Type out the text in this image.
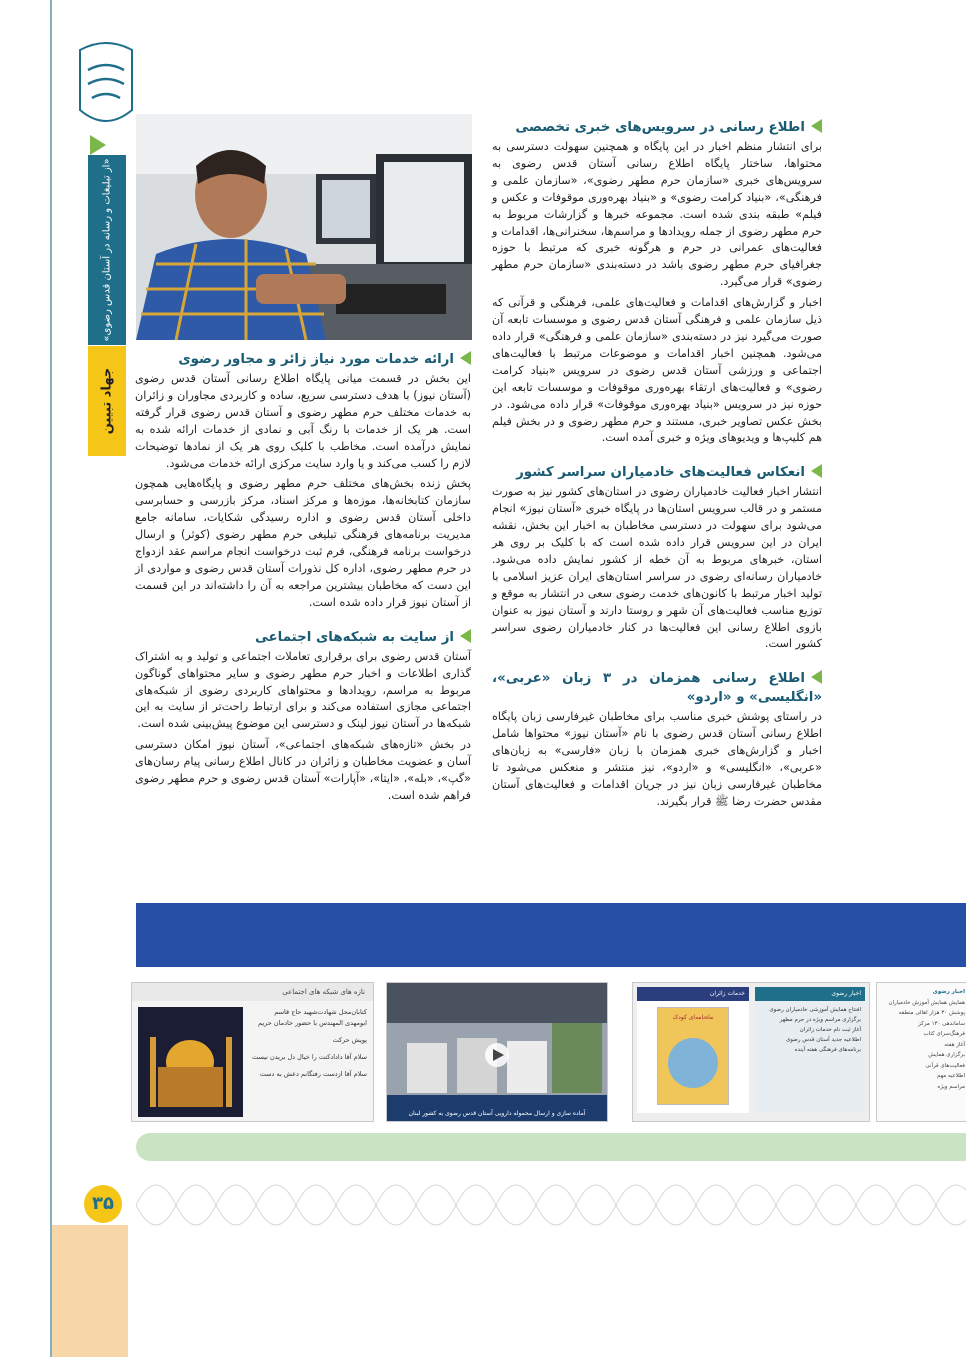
«از تبلیغات و رسانه در آستان قدس رضوی»
جهاد تبیین
۳۵
اطلاع رسانی در سرویس‌های خبری تخصصی

برای انتشار منظم اخبار در این پایگاه و همچنین سهولت دسترسی به محتواها، ساختار پایگاه اطلاع رسانی آستان قدس رضوی به سرویس‌های خبری «سازمان حرم مطهر رضوی»، «سازمان علمی و فرهنگی»، «بنیاد کرامت رضوی» و «بنیاد بهره‌وری موقوفات و عکس و فیلم» طبقه بندی شده است. مجموعه خبرها و گزارشات مربوط به حرم مطهر رضوی از جمله رویدادها و مراسم‌ها، سخنرانی‌ها، اقدامات و فعالیت‌های عمرانی در حرم و هرگونه خبری که مرتبط با حوزه جغرافیای حرم مطهر رضوی باشد در دسته‌بندی «سازمان حرم مطهر رضوی» قرار می‌گیرد.

اخبار و گزارش‌های اقدامات و فعالیت‌های علمی، فرهنگی و قرآنی که ذیل سازمان علمی و فرهنگی آستان قدس رضوی و موسسات تابعه آن صورت می‌گیرد نیز در دسته‌بندی «سازمان علمی و فرهنگی» قرار داده می‌شود. همچنین اخبار اقدامات و موضوعات مرتبط با فعالیت‌های اجتماعی و ورزشی آستان قدس رضوی در سرویس «بنیاد کرامت رضوی» و فعالیت‌های ارتقاء بهره‌وری موقوفات و موسسات تابعه این حوزه نیز در سرویس «بنیاد بهره‌وری موقوفات» قرار داده می‌شود. در بخش عکس تصاویر خبری، مستند و حرم مطهر رضوی و در بخش فیلم هم کلیپ‌ها و ویدیوهای ویژه و خبری آمده است.

انعکاس فعالیت‌های خادمیاران سراسر کشور

انتشار اخبار فعالیت خادمیاران رضوی در استان‌های کشور نیز به صورت مستمر و در قالب سرویس استان‌ها در پایگاه خبری «آستان نیوز» انجام می‌شود برای سهولت در دسترسی مخاطبان به اخبار این بخش، نقشه ایران در این سرویس قرار داده شده است که با کلیک بر روی هر استان، خبرهای مربوط به آن خطه از کشور نمایش داده می‌شود. خادمیاران رسانه‌ای رضوی در سراسر استان‌های ایران عزیز اسلامی با تولید اخبار مرتبط با کانون‌های خدمت رضوی سعی در انتشار به موقع و توزیع مناسب فعالیت‌های آن شهر و روستا دارند و آستان نیوز به عنوان بازوی اطلاع رسانی این فعالیت‌ها در کنار خادمیاران رضوی سراسر کشور است.

اطلاع رسانی همزمان در ۳ زبان «عربی»، «انگلیسی» و «اردو»

در راستای پوشش خبری مناسب برای مخاطبان غیرفارسی زبان پایگاه اطلاع رسانی آستان قدس رضوی با نام «آستان نیوز» محتواها شامل اخبار و گزارش‌های خبری همزمان با زبان «فارسی» به زبان‌های «عربی»، «انگلیسی» و «اردو»، نیز منتشر و منعکس می‌شود تا مخاطبان غیرفارسی زبان نیز در جریان اقدامات و فعالیت‌های آستان مقدس حضرت رضا ﷺ قرار بگیرند.

ارائه خدمات مورد نیاز زائر و مجاور رضوی

این بخش در قسمت میانی پایگاه اطلاع رسانی آستان قدس رضوی (آستان نیوز) با هدف دسترسی سریع، ساده و کاربردی مجاوران و زائران به خدمات مختلف حرم مطهر رضوی و آستان قدس رضوی قرار گرفته است. هر یک از خدمات با رنگ آبی و نمادی از خدمات ارائه شده به نمایش درآمده است. مخاطب با کلیک روی هر یک از نمادها توضیحات لازم را کسب می‌کند و یا وارد سایت مرکزی ارائه خدمات می‌شود.

پخش زنده بخش‌های مختلف حرم مطهر رضوی و پایگاه‌هایی همچون سازمان کتابخانه‌ها، موزه‌ها و مرکز اسناد، مرکز بازرسی و حسابرسی داخلی آستان قدس رضوی و اداره رسیدگی شکایات، سامانه جامع مدیریت برنامه‌های فرهنگی تبلیغی حرم مطهر رضوی (کوثر) و ارسال درخواست برنامه فرهنگی، فرم ثبت درخواست انجام مراسم عقد ازدواج در حرم مطهر رضوی، اداره کل نذورات آستان قدس رضوی و مواردی از این دست که مخاطبان بیشترین مراجعه به آن را داشته‌اند در این قسمت از آستان نیوز قرار داده شده است.

از سایت به شبکه‌های اجتماعی

آستان قدس رضوی برای برقراری تعاملات اجتماعی و تولید و به اشتراک گذاری اطلاعات و اخبار حرم مطهر رضوی و سایر محتواهای گوناگون مربوط به مراسم، رویدادها و محتواهای کاربردی رضوی از شبکه‌های اجتماعی مجازی استفاده می‌کند و برای ارتباط راحت‌تر از سایت به این شبکه‌ها در آستان نیوز لینک و دسترسی این موضوع پیش‌بینی شده است.

در بخش «تازه‌های شبکه‌های اجتماعی»، آستان نیوز امکان دسترسی آسان و عضویت مخاطبان و زائران در کانال اطلاع رسانی پیام رسان‌های «گپ»، «بله»، «ایتا»، «آپارات» آستان قدس رضوی و حرم مطهر رضوی فراهم شده است.

تازه های شبکه های اجتماعی
کتابان‌محل شهادت‌شهید حاج قاسم
ابومهدی المهندس با حضور خادمان حریم
پویش حرکت
سلام آقا دادادکتت را خیال دل بریدن نیست
سلام آقا ازدست رفتگانم دعش به دست
آماده سازی و ارسال محموله دارویی آستان قدس رضوی به کشور لبنان
اخبار رضوی
افتتاح همایش آموزشی خادمیاران رضوی
برگزاری مراسم ویژه در حرم مطهر
آغاز ثبت نام خدمات زائران
اطلاعیه جدید آستان قدس رضوی
برنامه‌های فرهنگی هفته آینده
خدمات زائران
ماه‌نامه‌ای کودک
اخبار رضوی
همایش همایش آموزش خادمیاران
پوشش ۳۰ هزار اهالی منطقه
ساماندهی ۱۳۰ مرکز
فرهنگ‌سرای کتاب
آغاز هفته
برگزاری همایش
فعالیت‌های قرآنی
اطلاعیه مهم
مراسم ویژه
